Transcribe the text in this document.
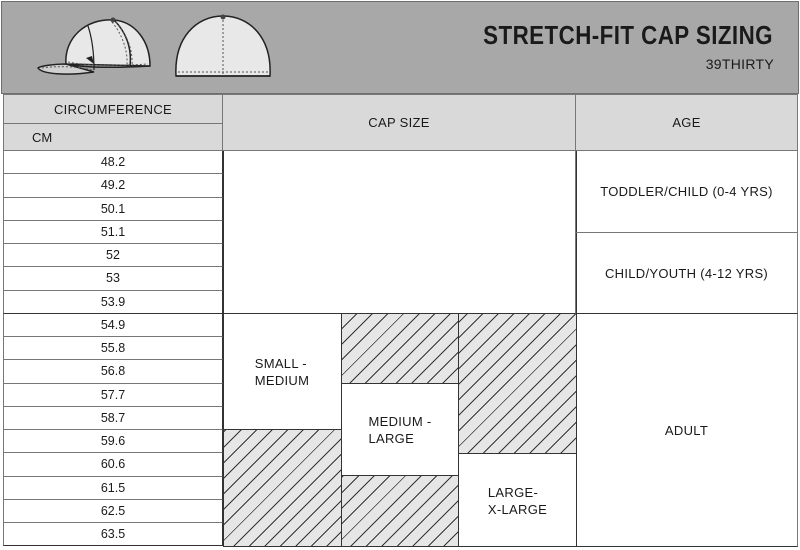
STRETCH-FIT CAP SIZING
39THIRTY
CIRCUMFERENCE
CM
CAP SIZE	AGE
48.2
49.2
50.1
51.1
52
53
53.9
54.9
55.8
56.8
57.7
58.7
59.6
60.6
61.5
62.5
63.5
SMALL -
MEDIUM
MEDIUM -
LARGE
LARGE-
X-LARGE
TODDLER/CHILD (0-4 YRS)
CHILD/YOUTH (4-12 YRS)
ADULT
